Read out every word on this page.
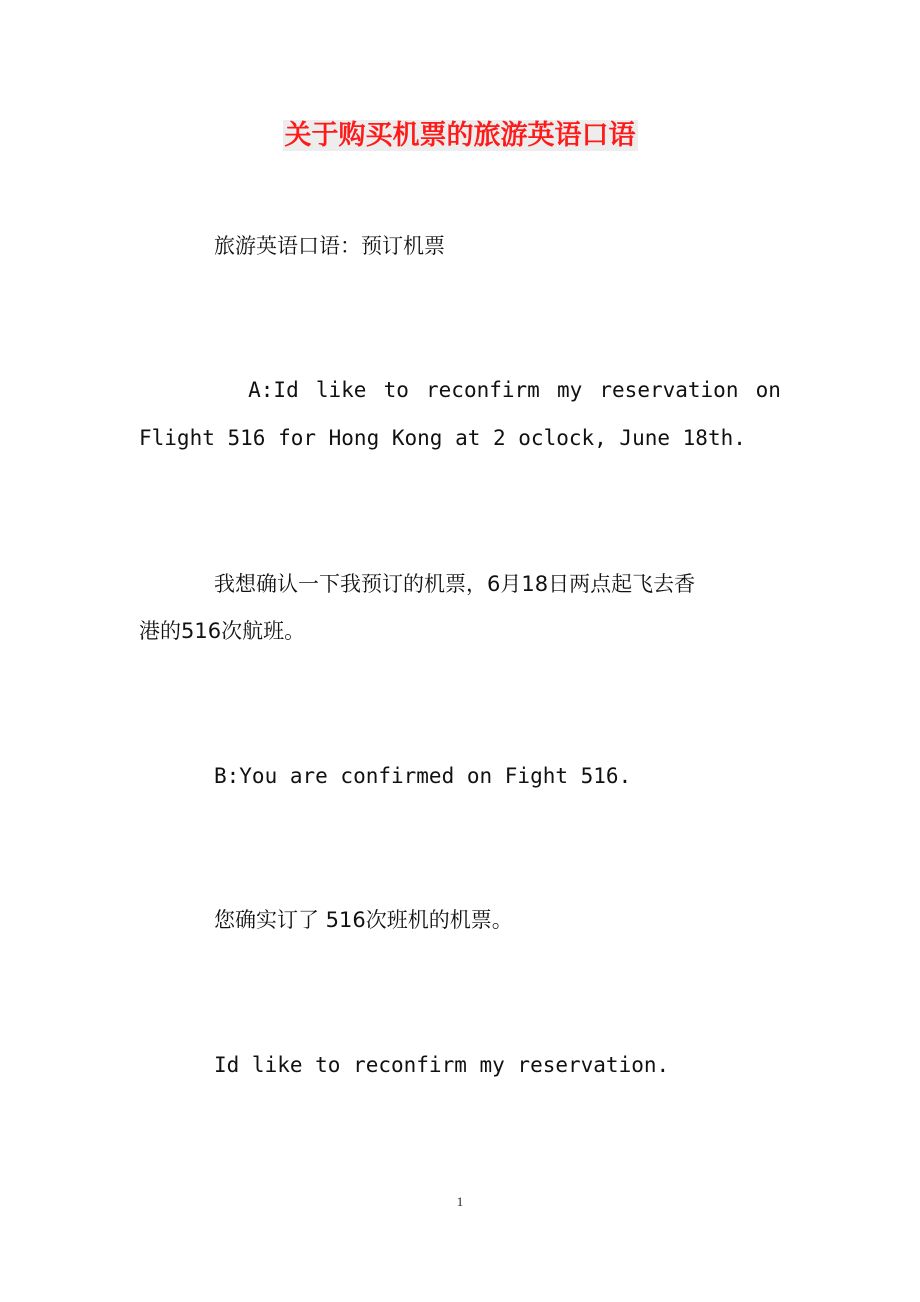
关于购买机票的旅游英语口语
旅游英语口语：预订机票
A:Id like to reconfirm my reservation on
Flight 516 for Hong Kong at 2 oclock, June 18th.
我想确认一下我预订的机票，6月18日两点起飞去香
港的516次航班。
B:You are confirmed on Fight 516.
您确实订了 516次班机的机票。
Id like to reconfirm my reservation.
1
